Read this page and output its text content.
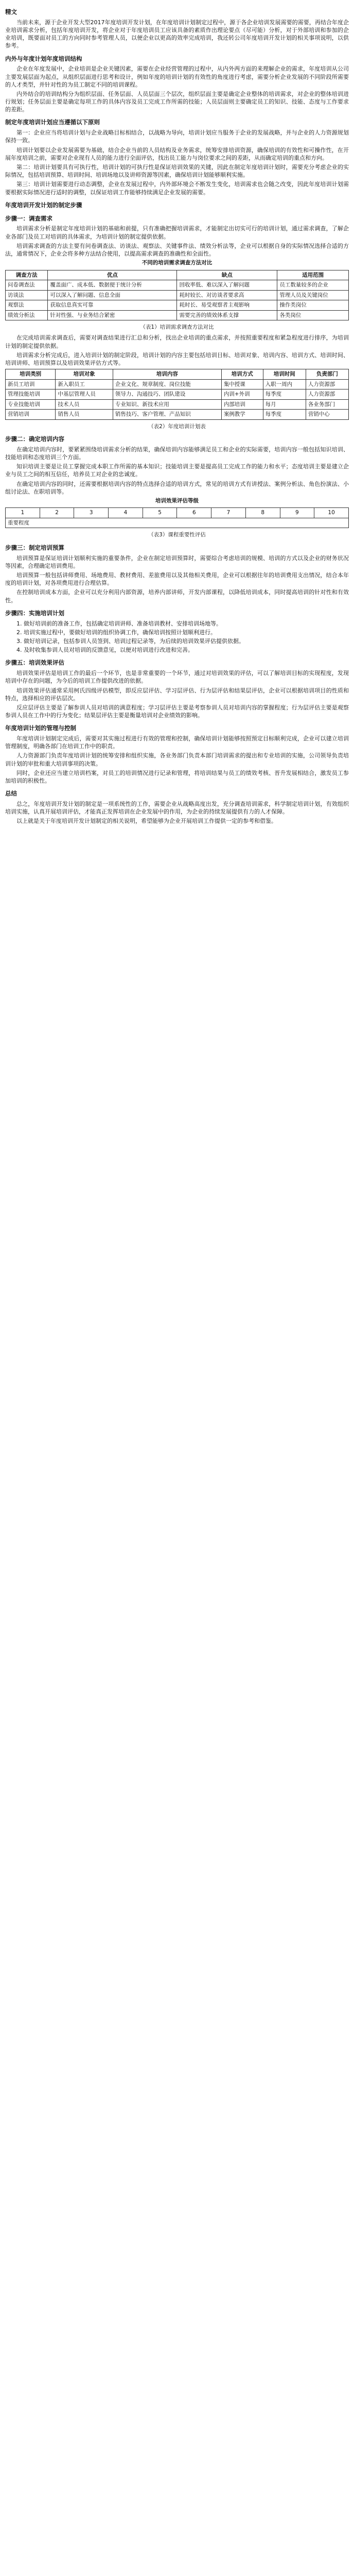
精文

当前未来，源于企业开发大型2017年度培训开发计划，在年度培训计划制定过程中，源于各企业培训发展需要的需要，再结合年度企业培训需求分析，包括年度培训开发，将企业对于年度培训员工应该具备的素质作出理论要点（尽可能）分析，对于外部培训和参加的企业培训，既要面对员工的方向同时参考管理人员，以便企业以更高的效率完成培训，我还转公司年度培训开发计划的相关事项说明，以供参考。

内外与年度计划年度培训结构

企业在年度发展中，企业培训是企业关键因素，需要在企业经营管理的过程中，从内外两方面的来理解企业的需求，年度培训从公司主要发展层面为起点，从组织层面进行思考和设计，例如年度的培训计划的有效性的角度进行考虑，需要分析企业发展的不同阶段所需要的人才类型，并针对性的为员工制定不同的培训课程。

内外结合的培训结构分为组织层面、任务层面、人员层面三个层次，组织层面主要是确定企业整体的培训需求，对企业的整体培训进行规划；任务层面主要是确定每项工作的具体内容及员工完成工作所需的技能；人员层面则主要确定员工的知识、技能、态度与工作要求的差距。

制定年度培训计划应当遵循以下原则

第一：企业应当将培训计划与企业战略目标相结合，以战略为导向，培训计划应当服务于企业的发展战略，并与企业的人力资源规划保持一致。

培训计划要以企业发展需要为基础，结合企业当前的人员结构及业务需求，统筹安排培训资源，确保培训的有效性和可操作性，在开展年度培训之前，需要对企业现有人员的能力进行全面评估，找出员工能力与岗位要求之间的差距，从而确定培训的重点和方向。

第二：培训计划要具有可执行性，培训计划的可执行性是保证培训效果的关键，因此在制定年度培训计划时，需要充分考虑企业的实际情况，包括培训预算、培训时间、培训场地以及讲师资源等因素，确保培训计划能够顺利实施。

第三：培训计划需要进行动态调整，企业在发展过程中，内外部环境会不断发生变化，培训需求也会随之改变，因此年度培训计划需要根据实际情况进行适时的调整，以保证培训工作能够持续满足企业发展的需要。

年度培训开发计划的制定步骤
步骤一：调查需求

培训需求分析是制定年度培训计划的基础和前提，只有准确把握培训需求，才能制定出切实可行的培训计划，通过需求调查，了解企业各部门及员工对培训的具体需求，为培训计划的制定提供依据。

培训需求调查的方法主要有问卷调查法、访谈法、观察法、关键事件法、绩效分析法等，企业可以根据自身的实际情况选择合适的方法，通常情况下，企业会将多种方法结合使用，以提高需求调查的准确性和全面性。

不同的培训需求调查方法对比
调查方法	优点	缺点	适用范围
问卷调查法	覆盖面广、成本低、数据便于统计分析	回收率低、难以深入了解问题	员工数量较多的企业
访谈法	可以深入了解问题、信息全面	耗时较长、对访谈者要求高	管理人员及关键岗位
观察法	获取信息真实可靠	耗时长、易受观察者主观影响	操作类岗位
绩效分析法	针对性强、与业务结合紧密	需要完善的绩效体系支撑	各类岗位
（表1）培训需求调查方法对比

在完成培训需求调查后，需要对调查结果进行汇总和分析，找出企业培训的重点需求，并按照重要程度和紧急程度进行排序，为培训计划的制定提供依据。

培训需求分析完成后，进入培训计划的制定阶段，培训计划的内容主要包括培训目标、培训对象、培训内容、培训方式、培训时间、培训讲师、培训预算以及培训效果评估方式等。

培训类别	培训对象	培训内容	培训方式	培训时间	负责部门
新员工培训	新入职员工	企业文化、规章制度、岗位技能	集中授课	入职一周内	人力资源部
管理技能培训	中基层管理人员	领导力、沟通技巧、团队建设	内训+外训	每季度	人力资源部
专业技能培训	技术人员	专业知识、新技术应用	内部培训	每月	各业务部门
营销培训	销售人员	销售技巧、客户管理、产品知识	案例教学	每季度	营销中心
（表2）年度培训计划表
步骤二：确定培训内容

在确定培训内容时，要紧紧围绕培训需求分析的结果，确保培训内容能够满足员工和企业的实际需要，培训内容一般包括知识培训、技能培训和态度培训三个方面。

知识培训主要是让员工掌握完成本职工作所需的基本知识；技能培训主要是提高员工完成工作的能力和水平；态度培训主要是建立企业与员工之间的相互信任，培养员工对企业的忠诚度。

在确定培训内容的同时，还需要根据培训内容的特点选择合适的培训方式，常见的培训方式有讲授法、案例分析法、角色扮演法、小组讨论法、在职培训等。

培训效果评估等级
1	2	3	4	5	6	7	8	9	10
重要程度
（表3）课程重要性评估
步骤三：制定培训预算

培训预算是保证培训计划顺利实施的重要条件，企业在制定培训预算时，需要综合考虑培训的规模、培训的方式以及企业的财务状况等因素，合理确定培训费用。

培训预算一般包括讲师费用、场地费用、教材费用、差旅费用以及其他相关费用，企业可以根据往年的培训费用支出情况，结合本年度的培训计划，对各项费用进行合理估算。

在控制培训成本方面，企业可以充分利用内部资源，培养内部讲师，开发内部课程，以降低培训成本，同时提高培训的针对性和有效性。

步骤四：实施培训计划
1. 做好培训前的准备工作，包括确定培训讲师、准备培训教材、安排培训场地等。
2. 培训实施过程中，要做好培训的组织协调工作，确保培训按照计划顺利进行。
3. 做好培训记录，包括参训人员签到、培训过程记录等，为后续的培训效果评估提供依据。
4. 及时收集参训人员对培训的反馈意见，以便对培训进行改进和完善。
步骤五：培训效果评估

培训效果评估是培训工作的最后一个环节，也是非常重要的一个环节，通过对培训效果的评估，可以了解培训目标的实现程度，发现培训中存在的问题，为今后的培训工作提供改进的依据。

培训效果评估通常采用柯氏四级评估模型，即反应层评估、学习层评估、行为层评估和结果层评估，企业可以根据培训项目的性质和特点，选择相应的评估层次。

反应层评估主要是了解参训人员对培训的满意程度；学习层评估主要是考察参训人员对培训内容的掌握程度；行为层评估主要是观察参训人员在工作中的行为变化；结果层评估主要是衡量培训对企业绩效的影响。

年度培训计划的管理与控制

年度培训计划制定完成后，需要对其实施过程进行有效的管理和控制，确保培训计划能够按照预定目标顺利完成，企业可以建立培训管理制度，明确各部门在培训工作中的职责。

人力资源部门负责年度培训计划的统筹安排和组织实施，各业务部门负责本部门培训需求的提出和专业培训的实施，公司领导负责培训计划的审批和重大培训事项的决策。

同时，企业还应当建立培训档案，对员工的培训情况进行记录和管理，将培训结果与员工的绩效考核、晋升发展相结合，激发员工参加培训的积极性。

总结

总之，年度培训开发计划的制定是一项系统性的工作，需要企业从战略高度出发，充分调查培训需求，科学制定培训计划，有效组织培训实施，认真开展培训评估，才能真正发挥培训在企业发展中的作用，为企业的持续发展提供有力的人才保障。

以上就是关于年度培训开发计划制定的相关说明，希望能够为企业开展培训工作提供一定的参考和借鉴。
